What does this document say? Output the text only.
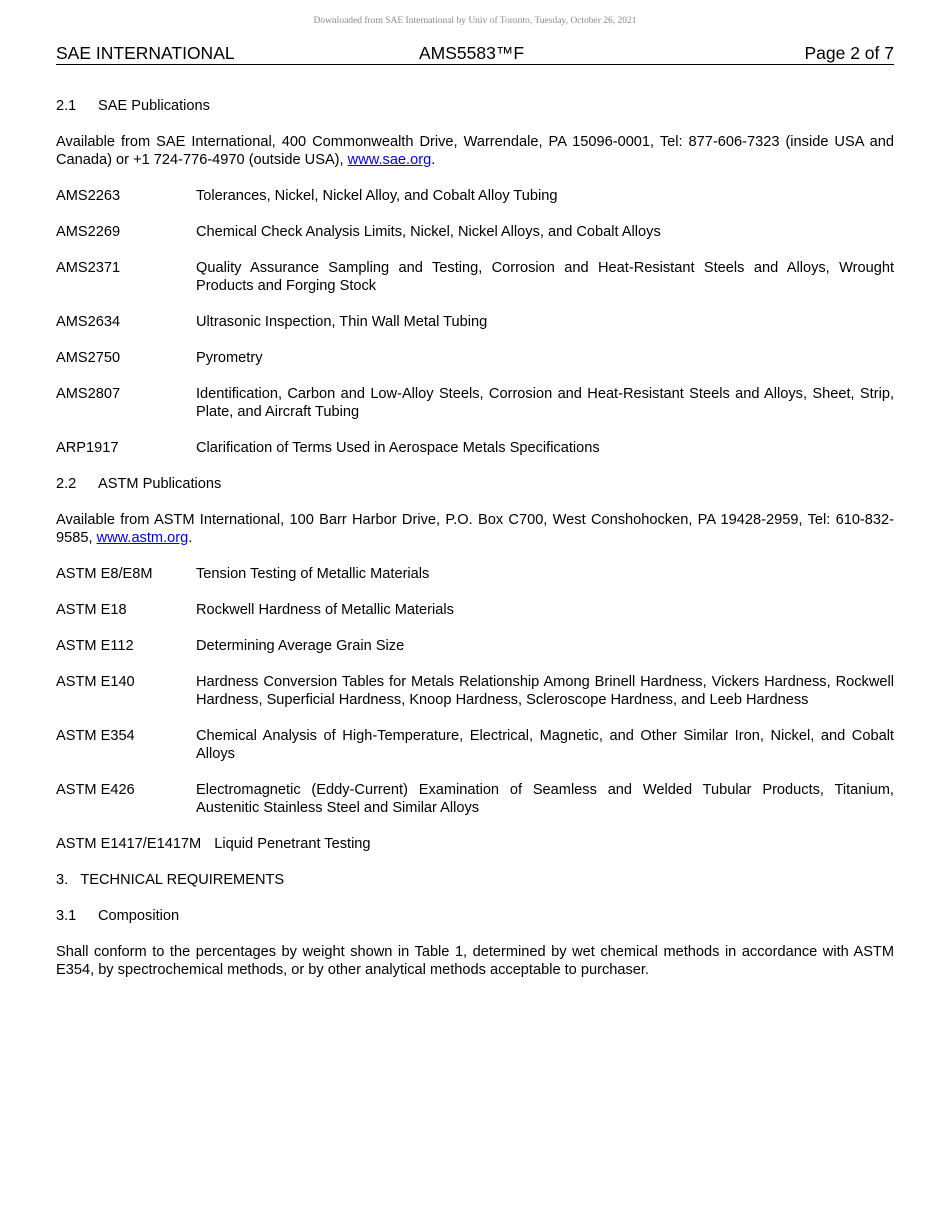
Downloaded from SAE International by Univ of Toronto, Tuesday, October 26, 2021
SAE INTERNATIONAL	AMS5583™F	Page 2 of 7
2.1 SAE Publications
Available from SAE International, 400 Commonwealth Drive, Warrendale, PA 15096-0001, Tel: 877-606-7323 (inside USA and Canada) or +1 724-776-4970 (outside USA), www.sae.org.
AMS2263	Tolerances, Nickel, Nickel Alloy, and Cobalt Alloy Tubing
AMS2269	Chemical Check Analysis Limits, Nickel, Nickel Alloys, and Cobalt Alloys
AMS2371	Quality Assurance Sampling and Testing, Corrosion and Heat-Resistant Steels and Alloys, Wrought Products and Forging Stock
AMS2634	Ultrasonic Inspection, Thin Wall Metal Tubing
AMS2750	Pyrometry
AMS2807	Identification, Carbon and Low-Alloy Steels, Corrosion and Heat-Resistant Steels and Alloys, Sheet, Strip, Plate, and Aircraft Tubing
ARP1917	Clarification of Terms Used in Aerospace Metals Specifications
2.2 ASTM Publications
Available from ASTM International, 100 Barr Harbor Drive, P.O. Box C700, West Conshohocken, PA 19428-2959, Tel: 610-832-9585, www.astm.org.
ASTM E8/E8M	Tension Testing of Metallic Materials
ASTM E18	Rockwell Hardness of Metallic Materials
ASTM E112	Determining Average Grain Size
ASTM E140	Hardness Conversion Tables for Metals Relationship Among Brinell Hardness, Vickers Hardness, Rockwell Hardness, Superficial Hardness, Knoop Hardness, Scleroscope Hardness, and Leeb Hardness
ASTM E354	Chemical Analysis of High-Temperature, Electrical, Magnetic, and Other Similar Iron, Nickel, and Cobalt Alloys
ASTM E426	Electromagnetic (Eddy-Current) Examination of Seamless and Welded Tubular Products, Titanium, Austenitic Stainless Steel and Similar Alloys
ASTM E1417/E1417M Liquid Penetrant Testing
3. TECHNICAL REQUIREMENTS
3.1 Composition
Shall conform to the percentages by weight shown in Table 1, determined by wet chemical methods in accordance with ASTM E354, by spectrochemical methods, or by other analytical methods acceptable to purchaser.
